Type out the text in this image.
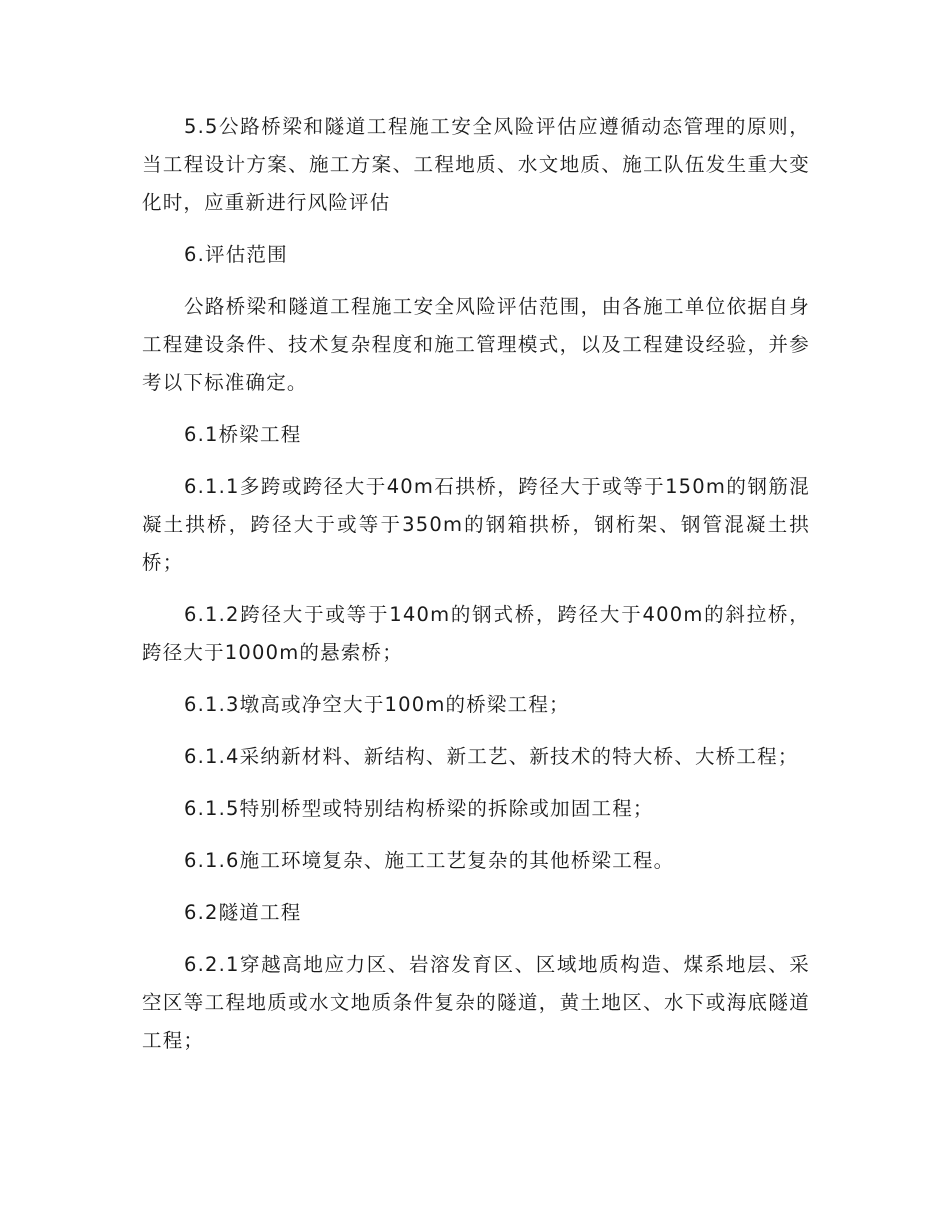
5.5公路桥梁和隧道工程施工安全风险评估应遵循动态管理的原则，当工程设计方案、施工方案、工程地质、水文地质、施工队伍发生重大变化时，应重新进行风险评估

6.评估范围

公路桥梁和隧道工程施工安全风险评估范围，由各施工单位依据自身工程建设条件、技术复杂程度和施工管理模式，以及工程建设经验，并参考以下标准确定。

6.1桥梁工程

6.1.1多跨或跨径大于40m石拱桥，跨径大于或等于150m的钢筋混凝土拱桥，跨径大于或等于350m的钢箱拱桥，钢桁架、钢管混凝土拱桥；

6.1.2跨径大于或等于140m的钢式桥，跨径大于400m的斜拉桥，跨径大于1000m的悬索桥；

6.1.3墩高或净空大于100m的桥梁工程；

6.1.4采纳新材料、新结构、新工艺、新技术的特大桥、大桥工程；

6.1.5特别桥型或特别结构桥梁的拆除或加固工程；

6.1.6施工环境复杂、施工工艺复杂的其他桥梁工程。

6.2隧道工程

6.2.1穿越高地应力区、岩溶发育区、区域地质构造、煤系地层、采空区等工程地质或水文地质条件复杂的隧道，黄土地区、水下或海底隧道工程；
